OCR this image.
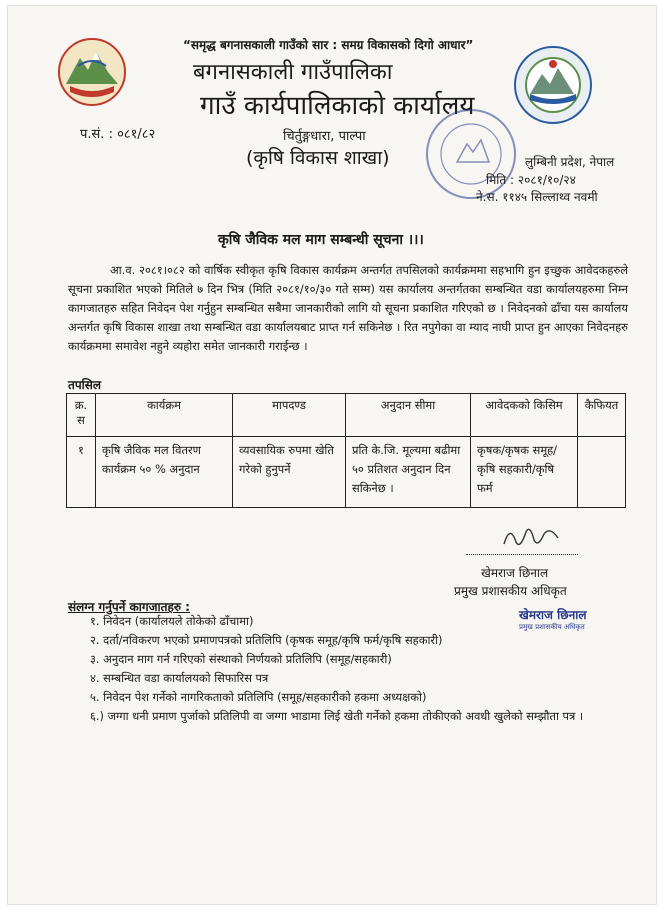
“समृद्ध बगनासकाली गाउँको सार : समग्र विकासको दिगो आधार”
बगनासकाली गाउँपालिका
गाउँ कार्यपालिकाको कार्यालय
चिर्तुङ्गधारा, पाल्पा
(कृषि विकास शाखा)
प.सं. : ०८१/८२
लुम्बिनी प्रदेश, नेपाल
मिति : २०८१/१०/२४
ने.स. ११४५ सिल्लाथ्व नवमी
कृषि जैविक मल माग सम्बन्धी सूचना ।।।

आ.व. २०८१।०८२ को वार्षिक स्वीकृत कृषि विकास कार्यक्रम अन्तर्गत तपसिलको कार्यक्रममा सहभागि हुन इच्छुक आवेदकहरुले सूचना प्रकाशित भएको मितिले ७ दिन भित्र (मिति २०८१/१०/३० गते सम्म) यस कार्यालय अन्तर्गतका सम्बन्धित वडा कार्यालयहरुमा निम्न कागजातहरु सहित निवेदन पेश गर्नुहुन सम्बन्धित सबैमा जानकारीको लागि यो सूचना प्रकाशित गरिएको छ । निवेदनको ढाँचा यस कार्यालय अन्तर्गत कृषि विकास शाखा तथा सम्बन्धित वडा कार्यालयबाट प्राप्त गर्न सकिनेछ । रित नपुगेका वा म्याद नाघी प्राप्त हुन आएका निवेदनहरु कार्यक्रममा समावेश नहुने व्यहोरा समेत जानकारी गराईन्छ ।

तपसिल
क्र. स	कार्यक्रम	मापदण्ड	अनुदान सीमा	आवेदकको किसिम	कैफियत
१	कृषि जैविक मल वितरण कार्यक्रम ५० % अनुदान	व्यवसायिक रुपमा खेति गरेको हुनुपर्ने	प्रति के.जि. मूल्यमा बढीमा ५० प्रतिशत अनुदान दिन सकिनेछ ।	कृषक/कृषक समूह/कृषि सहकारी/कृषि फर्म	
खेमराज छिनाल
प्रमुख प्रशासकीय अधिकृत
संलग्न गर्नुपर्ने कागजातहरु :
खेमराज छिनाल
प्रमुख प्रशासकीय अधिकृत
१. निवेदन (कार्यालयले तोकेको ढाँचामा)
२. दर्ता/नविकरण भएको प्रमाणपत्रको प्रतिलिपि (कृषक समूह/कृषि फर्म/कृषि सहकारी)
३. अनुदान माग गर्न गरिएको संस्थाको निर्णयको प्रतिलिपि (समूह/सहकारी)
४. सम्बन्धित वडा कार्यालयको सिफारिस पत्र
५. निवेदन पेश गर्नेको नागरिकताको प्रतिलिपि (समूह/सहकारीको हकमा अध्यक्षको)
६.) जग्गा धनी प्रमाण पुर्जाको प्रतिलिपी वा जग्गा भाडामा लिई खेती गर्नेको हकमा तोकीएको अवधी खुलेको सम्झौता पत्र ।
